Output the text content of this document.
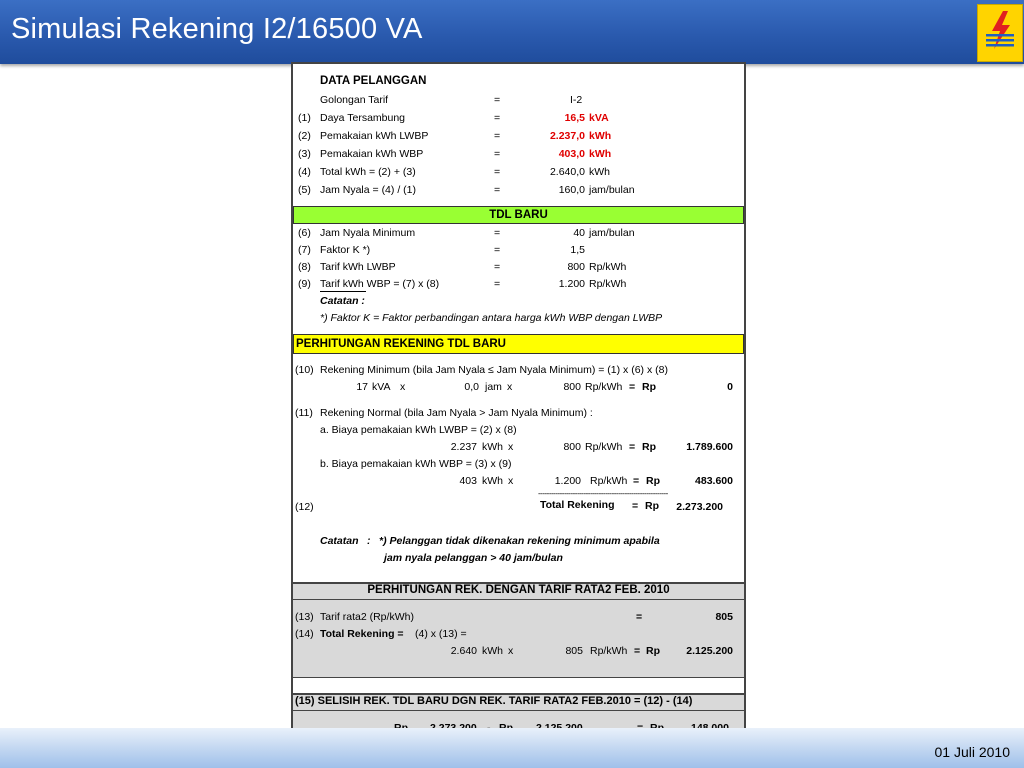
Simulasi Rekening I2/16500 VA
DATA PELANGGAN
Golongan Tarif	=	I-2
(1) Daya Tersambung	=	16,5 kVA
(2) Pemakaian kWh LWBP	=	2.237,0 kWh
(3) Pemakaian kWh WBP	=	403,0 kWh
(4) Total kWh = (2) + (3)	=	2.640,0 kWh
(5) Jam Nyala = (4) / (1)	=	160,0 jam/bulan
TDL BARU
(6) Jam Nyala Minimum	=	40 jam/bulan
(7) Faktor K *)	=	1,5
(8) Tarif kWh LWBP	=	800 Rp/kWh
(9) Tarif kWh WBP = (7) x (8)	=	1.200 Rp/kWh
Catatan :
*) Faktor K = Faktor perbandingan antara harga kWh WBP dengan LWBP
PERHITUNGAN REKENING TDL BARU
(10) Rekening Minimum (bila Jam Nyala ≤ Jam Nyala Minimum) = (1) x (6) x (8)
17 kVA x	0,0 jam x	800 Rp/kWh = Rp	0
(11) Rekening Normal (bila Jam Nyala > Jam Nyala Minimum) :
a. Biaya pemakaian kWh LWBP = (2) x (8)
2.237 kWh x	800 Rp/kWh = Rp	1.789.600
b. Biaya pemakaian kWh WBP = (3) x (9)
403 kWh x	1.200 Rp/kWh = Rp	483.600
------------------------------------------------------------
(12)	Total Rekening = Rp	2.273.200
Catatan : *) Pelanggan tidak dikenakan rekening minimum apabila
jam nyala pelanggan > 40 jam/bulan
PERHITUNGAN REK. DENGAN TARIF RATA2 FEB. 2010
(13) Tarif rata2 (Rp/kWh)	=	805
(14) Total Rekening = (4) x (13) =
2.640 kWh x	805 Rp/kWh = Rp	2.125.200
(15) SELISIH REK. TDL BARU DGN REK. TARIF RATA2 FEB.2010 = (12) - (14)
01 Juli 2010
